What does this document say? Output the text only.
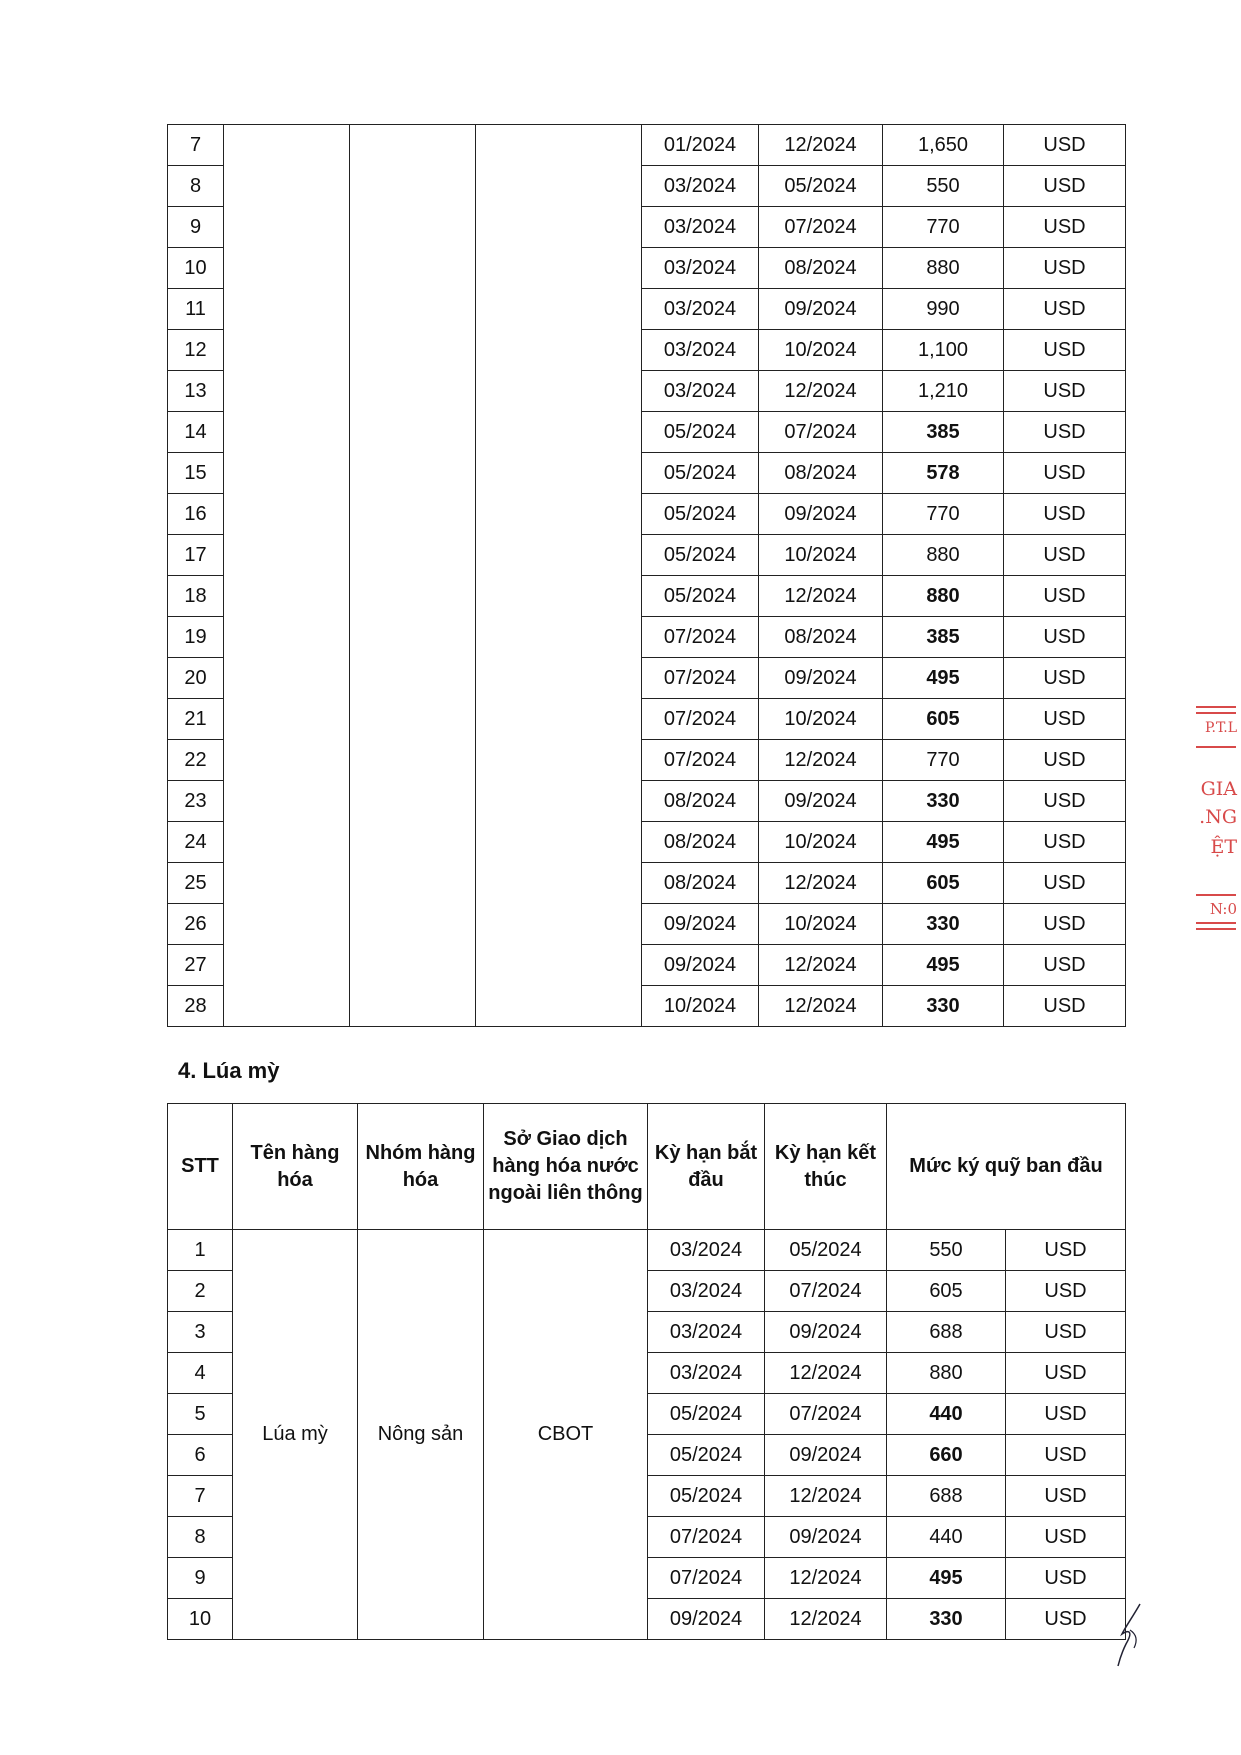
7				01/2024	12/2024	1,650	USD
8				03/2024	05/2024	550	USD
9				03/2024	07/2024	770	USD
10				03/2024	08/2024	880	USD
11				03/2024	09/2024	990	USD
12				03/2024	10/2024	1,100	USD
13				03/2024	12/2024	1,210	USD
14				05/2024	07/2024	385	USD
15				05/2024	08/2024	578	USD
16				05/2024	09/2024	770	USD
17				05/2024	10/2024	880	USD
18				05/2024	12/2024	880	USD
19				07/2024	08/2024	385	USD
20				07/2024	09/2024	495	USD
21				07/2024	10/2024	605	USD
22				07/2024	12/2024	770	USD
23				08/2024	09/2024	330	USD
24				08/2024	10/2024	495	USD
25				08/2024	12/2024	605	USD
26				09/2024	10/2024	330	USD
27				09/2024	12/2024	495	USD
28				10/2024	12/2024	330	USD
4. Lúa mỳ
STT	Tên hàng hóa	Nhóm hàng hóa	Sở Giao dịch hàng hóa nước ngoài liên thông	Kỳ hạn bắt đầu	Kỳ hạn kết thúc	Mức ký quỹ ban đầu	
1	Lúa mỳ	Nông sản	CBOT	03/2024	05/2024	550	USD
2				03/2024	07/2024	605	USD
3				03/2024	09/2024	688	USD
4				03/2024	12/2024	880	USD
5				05/2024	07/2024	440	USD
6				05/2024	09/2024	660	USD
7				05/2024	12/2024	688	USD
8				07/2024	09/2024	440	USD
9				07/2024	12/2024	495	USD
10				09/2024	12/2024	330	USD
P.T.L
GIA
.NG
ỆT
N:0
